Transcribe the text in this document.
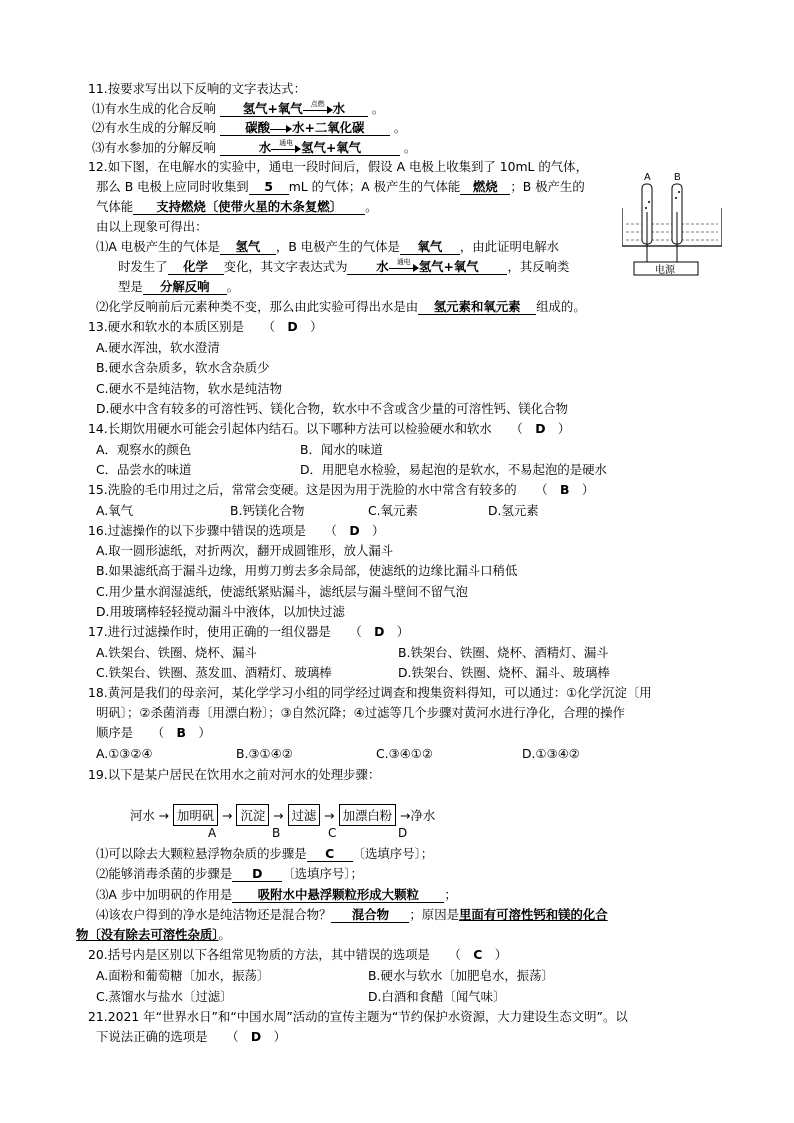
11.按要求写出以下反响的文字表达式：
⑴有水生成的化合反响 氢气+氧气	点燃 水 。
⑵有水生成的分解反响 碳酸 水+二氧化碳 。
⑶有水参加的分解反响	水	通电 氢气+氧气	。
12.如下图，在电解水的实验中，通电一段时间后，假设 A 电极上收集到了 10mL 的气体，
那么 B 电极上应同时收集到 5 mL 的气体；A 极产生的气体能 燃烧 ；B 极产生的
气体能 支持燃烧〔使带火星的木条复燃〕 。
由以上现象可得出：
⑴A 电极产生的气体是 氢气 ，B 电极产生的气体是 氧气 ，由此证明电解水
时发生了 化学 变化，其文字表达式为 水	通电 氢气+氧气 ，其反响类
型是 分解反响 。
⑵化学反响前后元素种类不变，那么由此实验可得出水是由 氢元素和氧元素 组成的。
A B
电源
13.硬水和软水的本质区别是　　（　D　）
A.硬水浑浊，软水澄清
B.硬水含杂质多，软水含杂质少
C.硬水不是纯洁物，软水是纯洁物
D.硬水中含有较多的可溶性钙、镁化合物，软水中不含或含少量的可溶性钙、镁化合物
14.长期饮用硬水可能会引起体内结石。以下哪种方法可以检验硬水和软水　　（　D　）
A．观察水的颜色	B．闻水的味道
C．品尝水的味道	D．用肥皂水检验，易起泡的是软水，不易起泡的是硬水
15.洗脸的毛巾用过之后，常常会变硬。这是因为用于洗脸的水中常含有较多的　　（　B　）
A.氧气	B.钙镁化合物	C.氧元素	D.氢元素
16.过滤操作的以下步骤中错误的选项是　　（　D　）
A.取一圆形滤纸，对折两次，翻开成圆锥形，放人漏斗
B.如果滤纸高于漏斗边缘，用剪刀剪去多余局部，使滤纸的边缘比漏斗口稍低
C.用少量水润湿滤纸，使滤纸紧贴漏斗，滤纸层与漏斗壁间不留气泡
D.用玻璃棒轻轻搅动漏斗中液体，以加快过滤
17.进行过滤操作时，使用正确的一组仪器是　　（　D　）
A.铁架台、铁圈、烧杯、漏斗	B.铁架台、铁圈、烧杯、酒精灯、漏斗
C.铁架台、铁圈、蒸发皿、酒精灯、玻璃棒	D.铁架台、铁圈、烧杯、漏斗、玻璃棒
18.黄河是我们的母亲河，某化学学习小组的同学经过调查和搜集资料得知，可以通过：①化学沉淀〔用
明矾〕；②杀菌消毒〔用漂白粉〕；③自然沉降；④过滤等几个步骤对黄河水进行净化，合理的操作
顺序是　　（　B　）
A.①③②④	B.③①④②	C.③④①②	D.①③④②
19.以下是某户居民在饮用水之前对河水的处理步骤：
河水 → 加明矾 → 沉淀 → 过滤 → 加漂白粉 →净水
A	B	C	D
⑴可以除去大颗粒悬浮物杂质的步骤是 C 〔选填序号〕；
⑵能够消毒杀菌的步骤是 D 〔选填序号〕；
⑶A 步中加明矾的作用是 吸附水中悬浮颗粒形成大颗粒 ；
⑷该农户得到的净水是纯洁物还是混合物？ 混合物 ；原因是里面有可溶性钙和镁的化合
物〔没有除去可溶性杂质〕。
20.括号内是区别以下各组常见物质的方法，其中错误的选项是　　（　C　）
A.面粉和葡萄糖〔加水，振荡〕	B.硬水与软水〔加肥皂水，振荡〕
C.蒸馏水与盐水〔过滤〕	D.白酒和食醋〔闻气味〕
21.2021 年“世界水日”和“中国水周”活动的宣传主题为“节约保护水资源，大力建设生态文明”。以
下说法正确的选项是　　（　D　）
